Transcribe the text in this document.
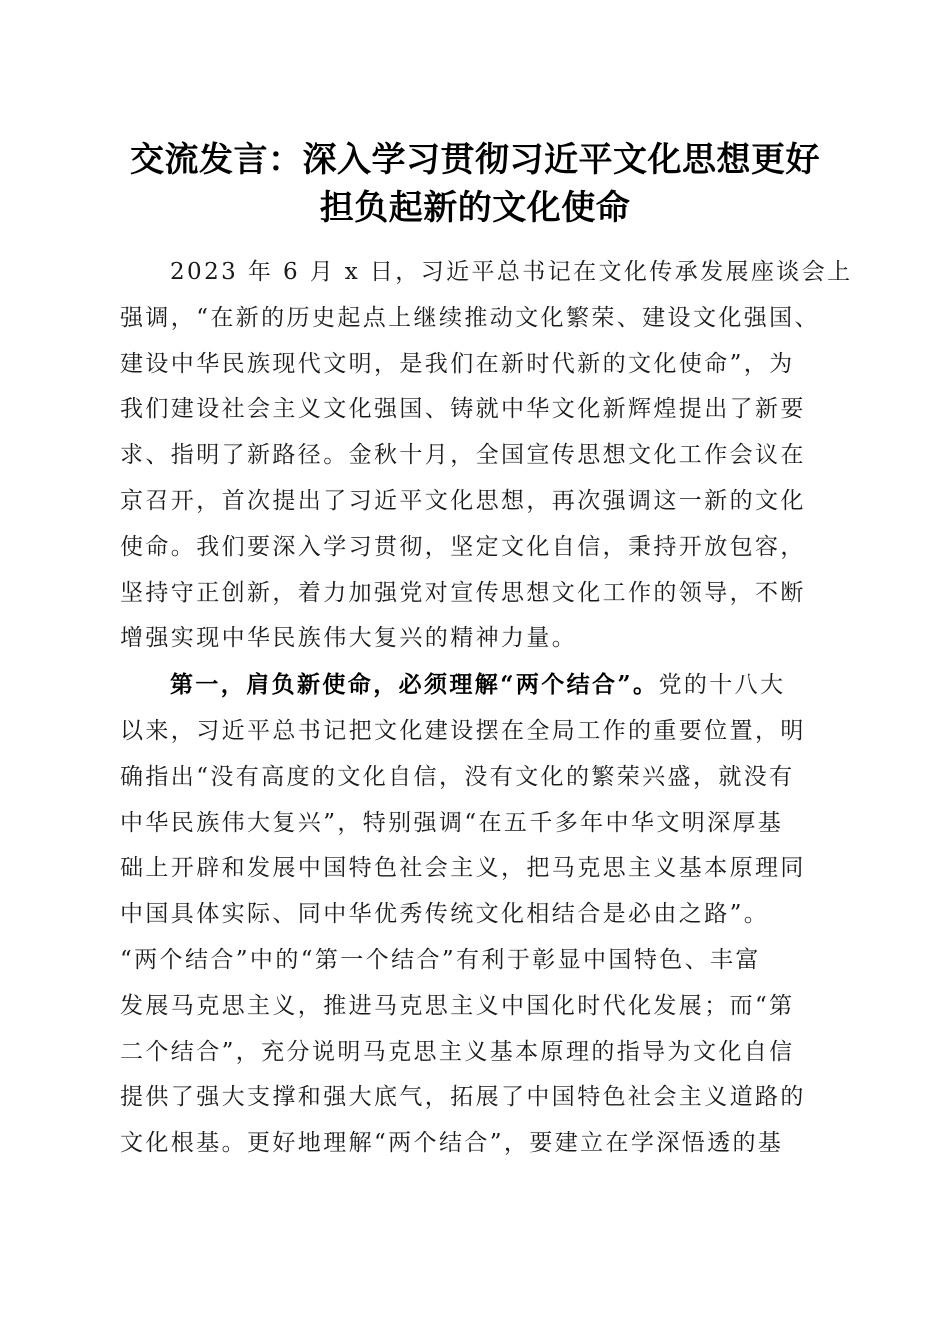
交流发言：深入学习贯彻习近平文化思想更好
担负起新的文化使命

2023 年 6 月 x 日，习近平总书记在文化传承发展座谈会上
强调，“在新的历史起点上继续推动文化繁荣、建设文化强国、
建设中华民族现代文明，是我们在新时代新的文化使命”，为
我们建设社会主义文化强国、铸就中华文化新辉煌提出了新要
求、指明了新路径。金秋十月，全国宣传思想文化工作会议在
京召开，首次提出了习近平文化思想，再次强调这一新的文化
使命。我们要深入学习贯彻，坚定文化自信，秉持开放包容，
坚持守正创新，着力加强党对宣传思想文化工作的领导，不断
增强实现中华民族伟大复兴的精神力量。

第一，肩负新使命，必须理解“两个结合”。党的十八大
以来，习近平总书记把文化建设摆在全局工作的重要位置，明
确指出“没有高度的文化自信，没有文化的繁荣兴盛，就没有
中华民族伟大复兴”，特别强调“在五千多年中华文明深厚基
础上开辟和发展中国特色社会主义，把马克思主义基本原理同
中国具体实际、同中华优秀传统文化相结合是必由之路”。
“两个结合”中的“第一个结合”有利于彰显中国特色、丰富
发展马克思主义，推进马克思主义中国化时代化发展；而“第
二个结合”，充分说明马克思主义基本原理的指导为文化自信
提供了强大支撑和强大底气，拓展了中国特色社会主义道路的
文化根基。更好地理解“两个结合”，要建立在学深悟透的基
